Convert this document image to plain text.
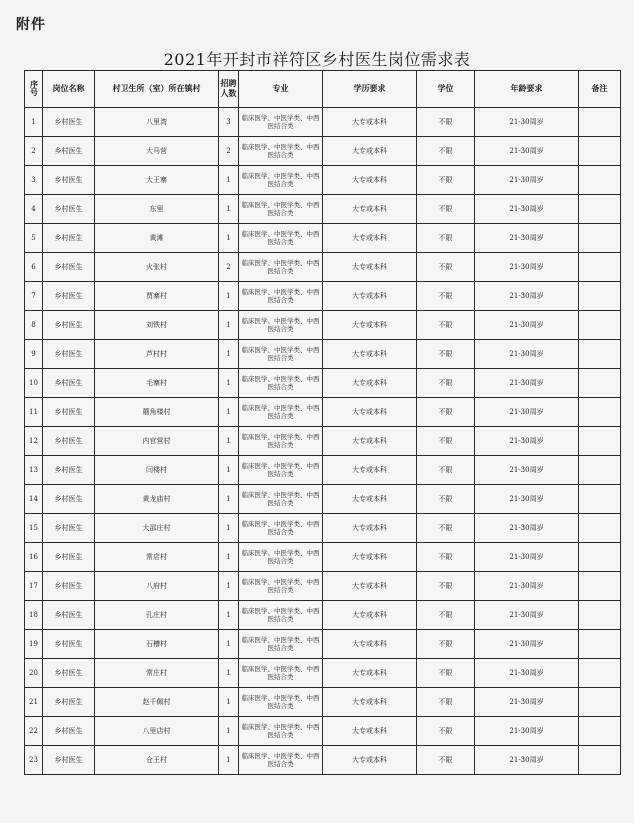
附件
2021年开封市祥符区乡村医生岗位需求表
序号	岗位名称	村卫生所（室）所在镇村	招聘人数	专业	学历要求	学位	年龄要求	备注
1	乡村医生	八里湾	3	临床医学、中医学类、中西医结合类	大专或本科	不限	21-30周岁	
2	乡村医生	大马营	2	临床医学、中医学类、中西医结合类	大专或本科	不限	21-30周岁	
3	乡村医生	大王寨	1	临床医学、中医学类、中西医结合类	大专或本科	不限	21-30周岁	
4	乡村医生	东里	1	临床医学、中医学类、中西医结合类	大专或本科	不限	21-30周岁	
5	乡村医生	黄滩	1	临床医学、中医学类、中西医结合类	大专或本科	不限	21-30周岁	
6	乡村医生	火张村	2	临床医学、中医学类、中西医结合类	大专或本科	不限	21-30周岁	
7	乡村医生	贾寨村	1	临床医学、中医学类、中西医结合类	大专或本科	不限	21-30周岁	
8	乡村医生	刘铁村	1	临床医学、中医学类、中西医结合类	大专或本科	不限	21-30周岁	
9	乡村医生	芦村村	1	临床医学、中医学类、中西医结合类	大专或本科	不限	21-30周岁	
10	乡村医生	毛寨村	1	临床医学、中医学类、中西医结合类	大专或本科	不限	21-30周岁	
11	乡村医生	蘑角楼村	1	临床医学、中医学类、中西医结合类	大专或本科	不限	21-30周岁	
12	乡村医生	内官营村	1	临床医学、中医学类、中西医结合类	大专或本科	不限	21-30周岁	
13	乡村医生	闫楼村	1	临床医学、中医学类、中西医结合类	大专或本科	不限	21-30周岁	
14	乡村医生	黄龙庙村	1	临床医学、中医学类、中西医结合类	大专或本科	不限	21-30周岁	
15	乡村医生	大邵庄村	1	临床医学、中医学类、中西医结合类	大专或本科	不限	21-30周岁	
16	乡村医生	常店村	1	临床医学、中医学类、中西医结合类	大专或本科	不限	21-30周岁	
17	乡村医生	八府村	1	临床医学、中医学类、中西医结合类	大专或本科	不限	21-30周岁	
18	乡村医生	孔庄村	1	临床医学、中医学类、中西医结合类	大专或本科	不限	21-30周岁	
19	乡村医生	石槽村	1	临床医学、中医学类、中西医结合类	大专或本科	不限	21-30周岁	
20	乡村医生	常庄村	1	临床医学、中医学类、中西医结合类	大专或本科	不限	21-30周岁	
21	乡村医生	赵千佩村	1	临床医学、中医学类、中西医结合类	大专或本科	不限	21-30周岁	
22	乡村医生	八里店村	1	临床医学、中医学类、中西医结合类	大专或本科	不限	21-30周岁	
23	乡村医生	仓王村	1	临床医学、中医学类、中西医结合类	大专或本科	不限	21-30周岁	
